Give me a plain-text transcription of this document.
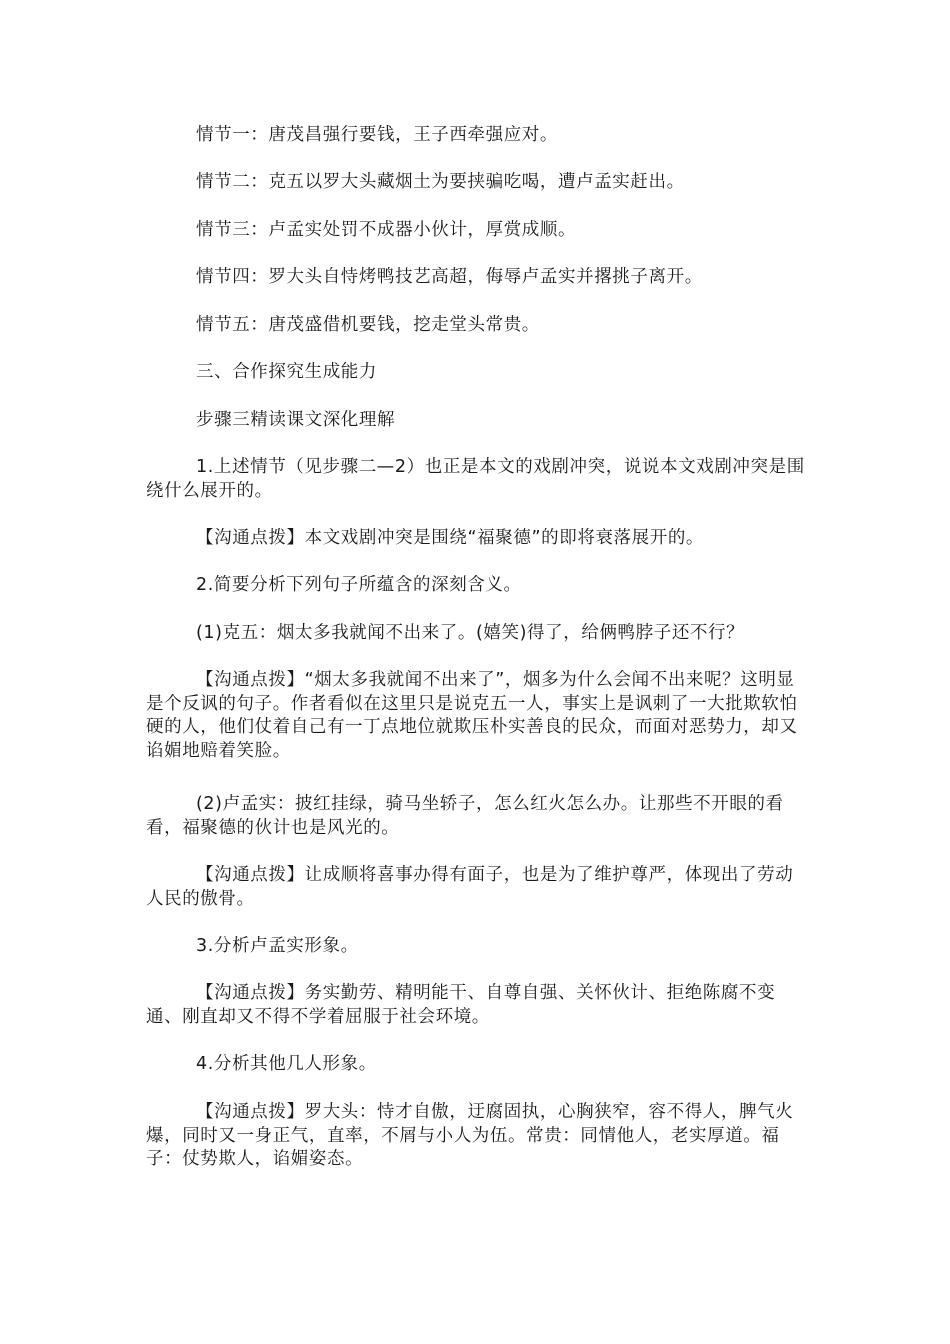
情节一：唐茂昌强行要钱，王子西牵强应对。

情节二：克五以罗大头藏烟土为要挟骗吃喝，遭卢孟实赶出。

情节三：卢孟实处罚不成器小伙计，厚赏成顺。

情节四：罗大头自恃烤鸭技艺高超，侮辱卢孟实并撂挑子离开。

情节五：唐茂盛借机要钱，挖走堂头常贵。

三、合作探究生成能力

步骤三精读课文深化理解

1.上述情节（见步骤二—2）也正是本文的戏剧冲突，说说本文戏剧冲突是围绕什么展开的。

【沟通点拨】本文戏剧冲突是围绕“福聚德”的即将衰落展开的。

2.简要分析下列句子所蕴含的深刻含义。

(1)克五：烟太多我就闻不出来了。(嬉笑)得了，给俩鸭脖子还不行？

【沟通点拨】“烟太多我就闻不出来了”，烟多为什么会闻不出来呢？这明显是个反讽的句子。作者看似在这里只是说克五一人，事实上是讽刺了一大批欺软怕硬的人，他们仗着自己有一丁点地位就欺压朴实善良的民众，而面对恶势力，却又谄媚地赔着笑脸。

(2)卢孟实：披红挂绿，骑马坐轿子，怎么红火怎么办。让那些不开眼的看看，福聚德的伙计也是风光的。

【沟通点拨】让成顺将喜事办得有面子，也是为了维护尊严，体现出了劳动人民的傲骨。

3.分析卢孟实形象。

【沟通点拨】务实勤劳、精明能干、自尊自强、关怀伙计、拒绝陈腐不变通、刚直却又不得不学着屈服于社会环境。

4.分析其他几人形象。

【沟通点拨】罗大头：恃才自傲，迂腐固执，心胸狭窄，容不得人，脾气火爆，同时又一身正气，直率，不屑与小人为伍。常贵：同情他人，老实厚道。福子：仗势欺人，谄媚姿态。
